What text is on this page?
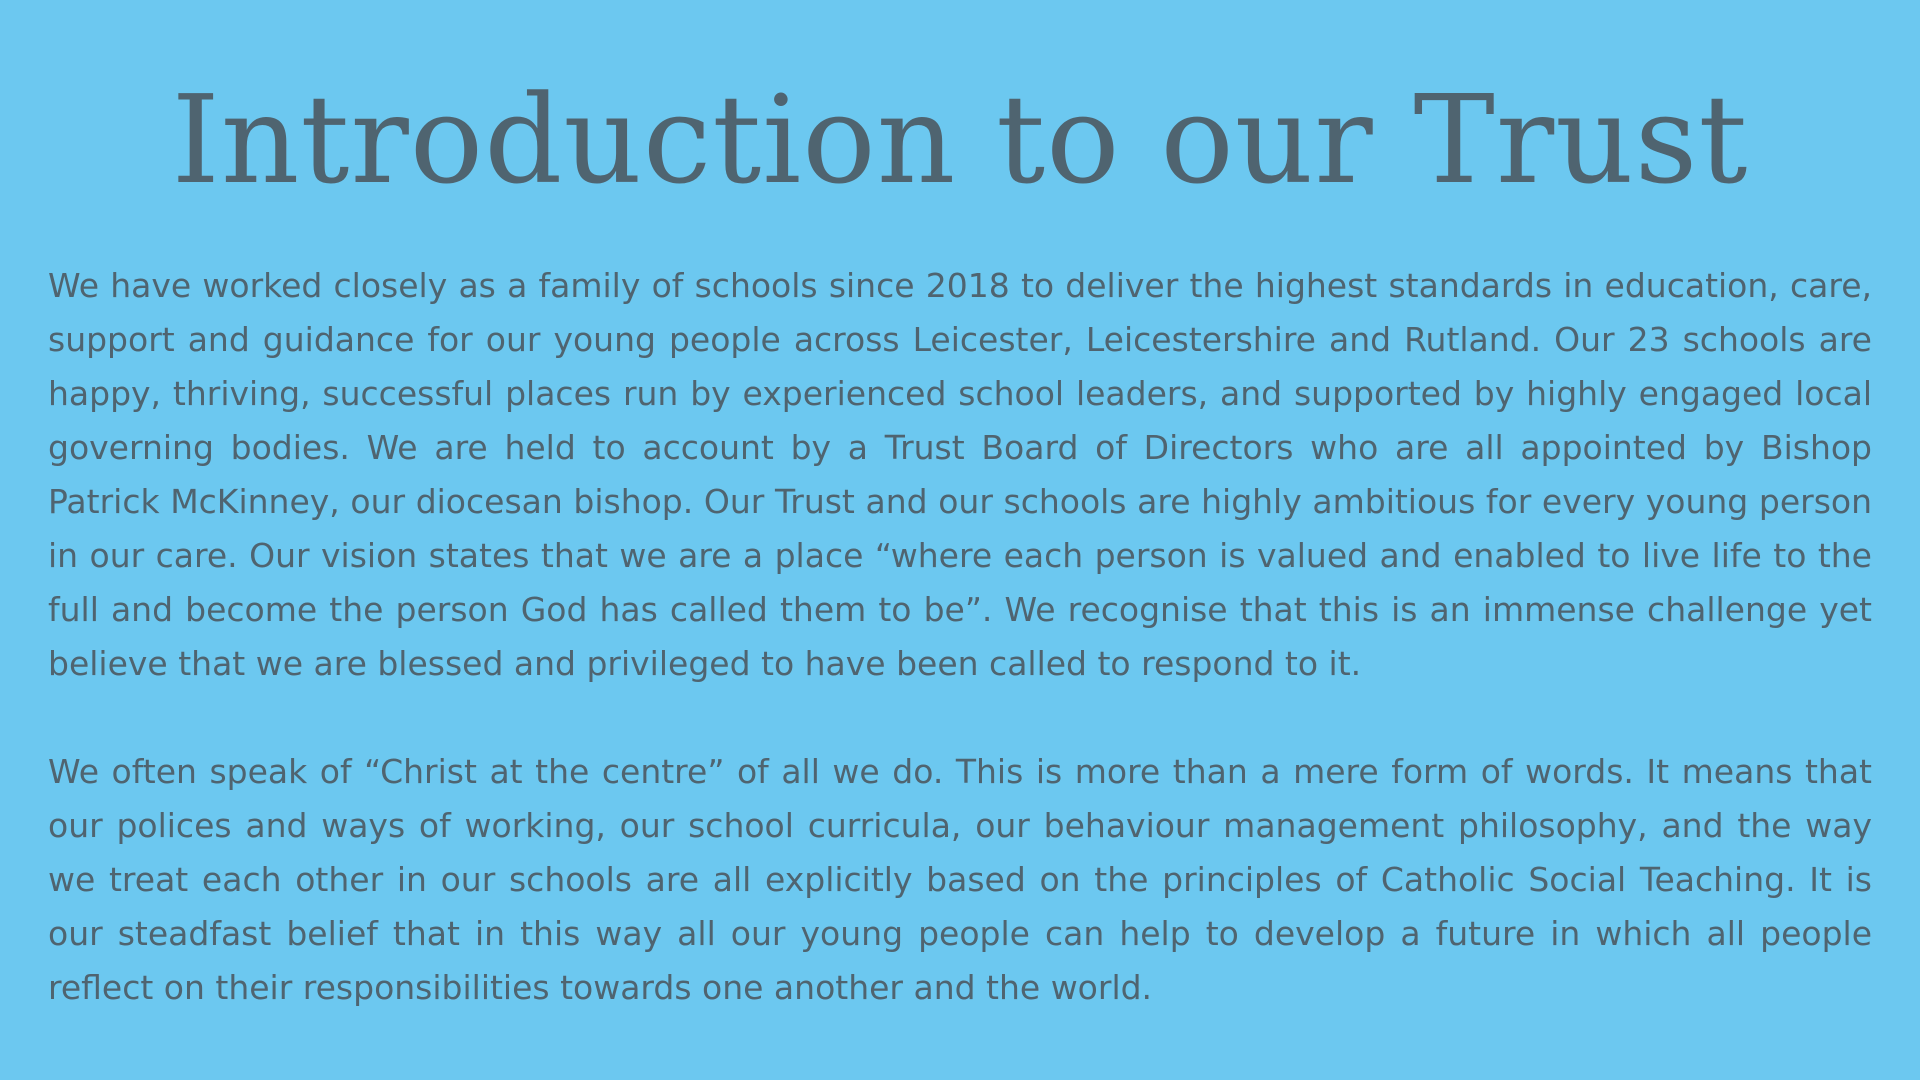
Introduction to our Trust

We have worked closely as a family of schools since 2018 to deliver the highest standards in education, care, support and guidance for our young people across Leicester, Leicestershire and Rutland. Our 23 schools are happy, thriving, successful places run by experienced school leaders, and supported by highly engaged local governing bodies. We are held to account by a Trust Board of Directors who are all appointed by Bishop Patrick McKinney, our diocesan bishop. Our Trust and our schools are highly ambitious for every young person in our care. Our vision states that we are a place “where each person is valued and enabled to live life to the full and become the person God has called them to be”. We recognise that this is an immense challenge yet believe that we are blessed and privileged to have been called to respond to it.

We often speak of “Christ at the centre” of all we do. This is more than a mere form of words. It means that our polices and ways of working, our school curricula, our behaviour management philosophy, and the way we treat each other in our schools are all explicitly based on the principles of Catholic Social Teaching. It is our steadfast belief that in this way all our young people can help to develop a future in which all people reflect on their responsibilities towards one another and the world.
